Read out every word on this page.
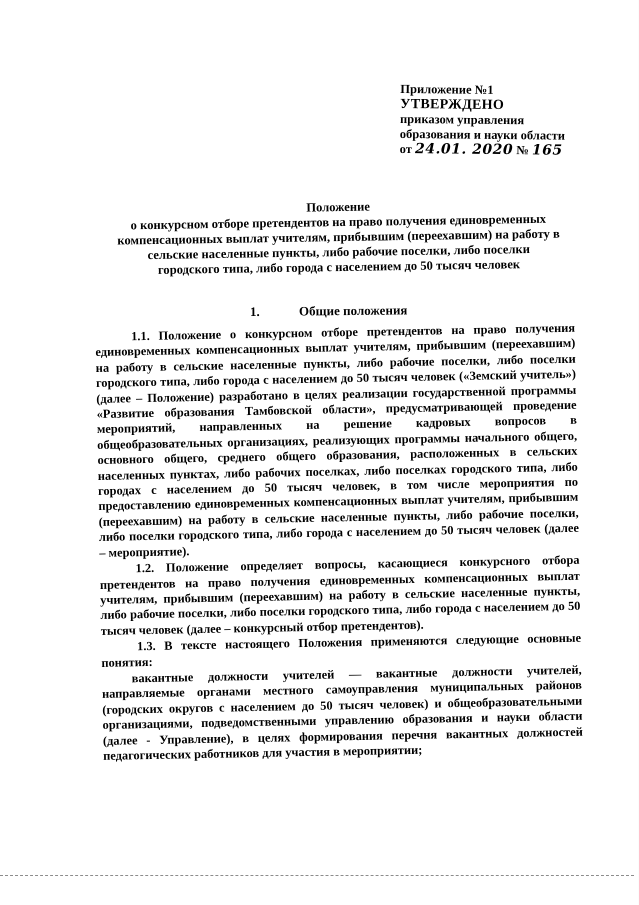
Приложение №1
УТВЕРЖДЕНО
приказом управления
образования и науки области
от 24.01. 2020 № 165
Положение
о конкурсном отборе претендентов на право получения единовременных
компенсационных выплат учителям, прибывшим (переехавшим) на работу в
сельские населенные пункты, либо рабочие поселки, либо поселки
городского типа, либо города с населением до 50 тысяч человек
1.	Общие положения

1.1. Положение о конкурсном отборе претендентов на право получения единовременных компенсационных выплат учителям, прибывшим (переехавшим) на работу в сельские населенные пункты, либо рабочие поселки, либо поселки городского типа, либо города с населением до 50 тысяч человек («Земский учитель») (далее – Положение) разработано в целях реализации государственной программы «Развитие образования Тамбовской области», предусматривающей проведение мероприятий, направленных на решение кадровых вопросов в общеобразовательных организациях, реализующих программы начального общего, основного общего, среднего общего образования, расположенных в сельских населенных пунктах, либо рабочих поселках, либо поселках городского типа, либо городах с населением до 50 тысяч человек, в том числе мероприятия по предоставлению единовременных компенсационных выплат учителям, прибывшим (переехавшим) на работу в сельские населенные пункты, либо рабочие поселки, либо поселки городского типа, либо города с населением до 50 тысяч человек (далее – мероприятие).

1.2. Положение определяет вопросы, касающиеся конкурсного отбора претендентов на право получения единовременных компенсационных выплат учителям, прибывшим (переехавшим) на работу в сельские населенные пункты, либо рабочие поселки, либо поселки городского типа, либо города с населением до 50 тысяч человек (далее – конкурсный отбор претендентов).

1.3. В тексте настоящего Положения применяются следующие основные понятия:

вакантные должности учителей — вакантные должности учителей, направляемые органами местного самоуправления муниципальных районов (городских округов с населением до 50 тысяч человек) и общеобразовательными организациями, подведомственными управлению образования и науки области (далее - Управление), в целях формирования перечня вакантных должностей педагогических работников для участия в мероприятии;
